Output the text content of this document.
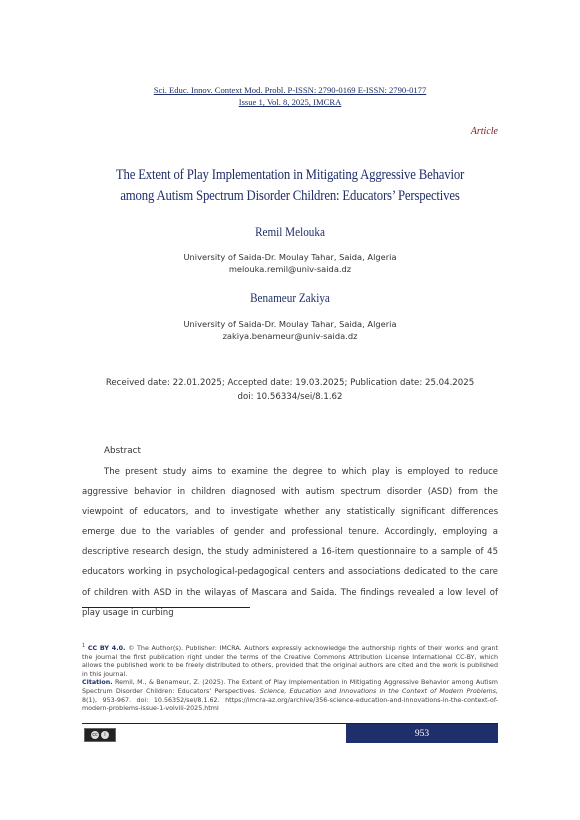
Sci. Educ. Innov. Context Mod. Probl. P-ISSN: 2790-0169 E-ISSN: 2790-0177
Issue 1, Vol. 8, 2025, IMCRA
Article
The Extent of Play Implementation in Mitigating Aggressive Behavior among Autism Spectrum Disorder Children: Educators’ Perspectives
Remil Melouka
University of Saida-Dr. Moulay Tahar, Saida, Algeria
melouka.remil@univ-saida.dz
Benameur Zakiya
University of Saida-Dr. Moulay Tahar, Saida, Algeria
zakiya.benameur@univ-saida.dz
Received date: 22.01.2025; Accepted date: 19.03.2025; Publication date: 25.04.2025
doi: 10.56334/sei/8.1.62
Abstract

The present study aims to examine the degree to which play is employed to reduce aggressive behavior in children diagnosed with autism spectrum disorder (ASD) from the viewpoint of educators, and to investigate whether any statistically significant differences emerge due to the variables of gender and professional tenure. Accordingly, employing a descriptive research design, the study administered a 16-item questionnaire to a sample of 45 educators working in psychological-pedagogical centers and associations dedicated to the care of children with ASD in the wilayas of Mascara and Saida. The findings revealed a low level of play usage in curbing

$^1$ CC BY 4.0. © The Author(s). Publisher: IMCRA. Authors expressly acknowledge the authorship rights of their works and grant the journal the first publication right under the terms of the Creative Commons Attribution License International CC-BY, which allows the published work to be freely distributed to others, provided that the original authors are cited and the work is published in this journal.

Citation. Remil, M., & Benameur, Z. (2025). The Extent of Play Implementation in Mitigating Aggressive Behavior among Autism Spectrum Disorder Children: Educators’ Perspectives. Science, Education and Innovations in the Context of Modern Problems, 8(1), 953-967. doi: 10.56352/sei/8.1.62. https://imcra-az.org/archive/356-science-education-and-innovations-in-the-context-of-modern-problems-issue-1-volviii-2025.html

cc	i	953
